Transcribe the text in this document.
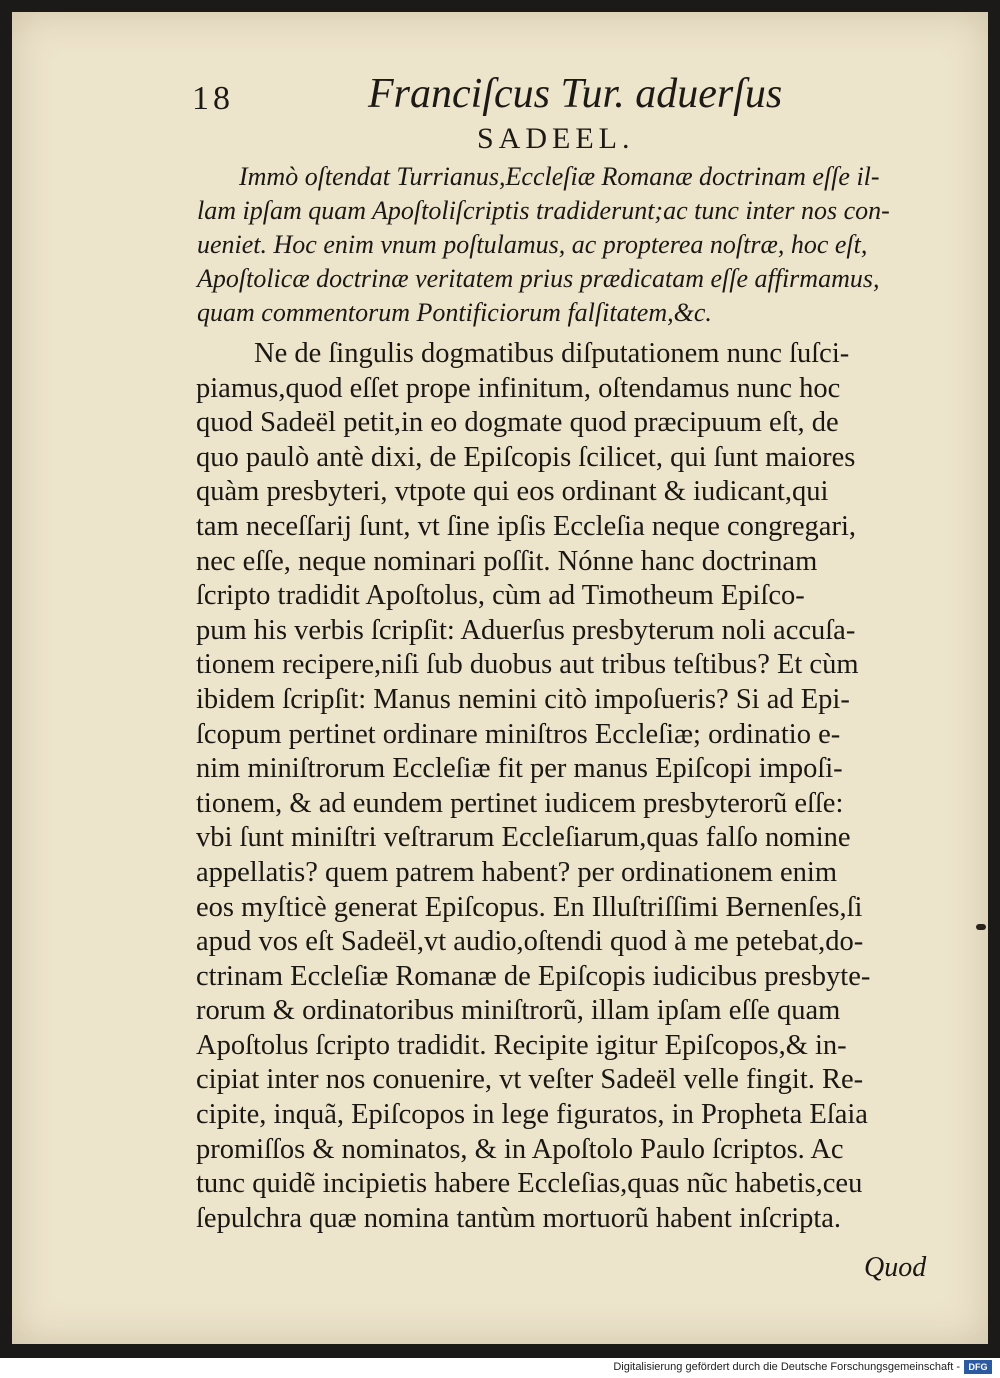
18	Franciſcus Tur. aduerſus
SADEEL.
Immò oſtendat Turrianus,Eccleſiæ Romanæ doctrinam eſſe il-
lam ipſam quam Apoſtoliſcriptis tradiderunt;ac tunc inter nos con-
ueniet. Hoc enim vnum poſtulamus, ac propterea noſtræ, hoc eſt,
Apoſtolicæ doctrinæ veritatem prius prædicatam eſſe affirmamus,
quam commentorum Pontificiorum falſitatem,&c.
Ne de ſingulis dogmatibus diſputationem nunc ſuſci-
piamus,quod eſſet prope infinitum, oſtendamus nunc hoc
quod Sadeël petit,in eo dogmate quod præcipuum eſt, de
quo paulò antè dixi, de Epiſcopis ſcilicet, qui ſunt maiores
quàm presbyteri, vtpote qui eos ordinant & iudicant,qui
tam neceſſarij ſunt, vt ſine ipſis Eccleſia neque congregari,
nec eſſe, neque nominari poſſit. Nónne hanc doctrinam
ſcripto tradidit Apoſtolus, cùm ad Timotheum Epiſco-
pum his verbis ſcripſit: Aduerſus presbyterum noli accuſa-
tionem recipere,niſi ſub duobus aut tribus teſtibus? Et cùm
ibidem ſcripſit: Manus nemini citò impoſueris? Si ad Epi-
ſcopum pertinet ordinare miniſtros Eccleſiæ; ordinatio e-
nim miniſtrorum Eccleſiæ fit per manus Epiſcopi impoſi-
tionem, & ad eundem pertinet iudicem presbyterorũ eſſe:
vbi ſunt miniſtri veſtrarum Eccleſiarum,quas falſo nomine
appellatis? quem patrem habent? per ordinationem enim
eos myſticè generat Epiſcopus. En Illuſtriſſimi Bernenſes,ſi
apud vos eſt Sadeël,vt audio,oſtendi quod à me petebat,do-
ctrinam Eccleſiæ Romanæ de Epiſcopis iudicibus presbyte-
rorum & ordinatoribus miniſtrorũ, illam ipſam eſſe quam
Apoſtolus ſcripto tradidit. Recipite igitur Epiſcopos,& in-
cipiat inter nos conuenire, vt veſter Sadeël velle fingit. Re-
cipite, inquã, Epiſcopos in lege figuratos, in Propheta Eſaia
promiſſos & nominatos, & in Apoſtolo Paulo ſcriptos. Ac
tunc quidẽ incipietis habere Eccleſias,quas nũc habetis,ceu
ſepulchra quæ nomina tantùm mortuorũ habent inſcripta.
Quod
Digitalisierung gefördert durch die Deutsche Forschungsgemeinschaft - DFG
